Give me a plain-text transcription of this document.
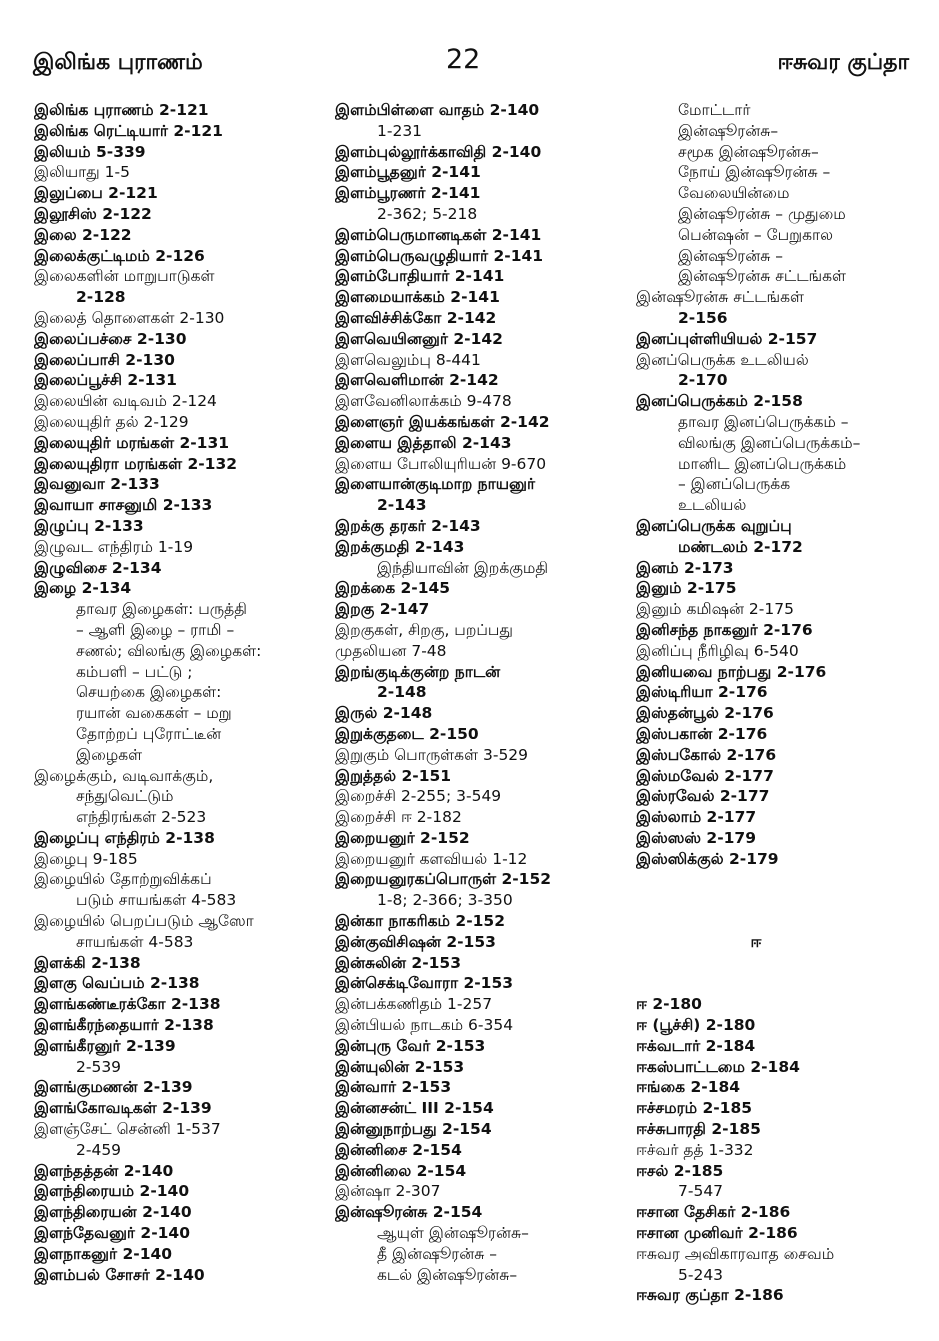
இலிங்க புராணம்	22	ஈசுவர குப்தா
இலிங்க புராணம் 2-121
இலிங்க ரெட்டியார் 2-121
இலியம் 5-339
இலியாது 1-5
இலுப்பை 2-121
இலூசிஸ் 2-122
இலை 2-122
இலைக்குட்டிமம் 2-126
இலைகளின் மாறுபாடுகள்
2-128
இலைத் தொளைகள் 2-130
இலைப்பச்சை 2-130
இலைப்பாசி 2-130
இலைப்பூச்சி 2-131
இலையின் வடிவம் 2-124
இலையுதிர் தல் 2-129
இலையுதிர் மரங்கள் 2-131
இலையுதிரா மரங்கள் 2-132
இவனுவா 2-133
இவாயா சாசனுமி 2-133
இழுப்பு 2-133
இழுவட எந்திரம் 1-19
இழுவிசை 2-134
இழை 2-134
தாவர இழைகள்: பருத்தி
– ஆளி இழை – ராமி –
சணல்; விலங்கு இழைகள்:
கம்பளி – பட்டு ;
செயற்கை இழைகள்:
ரயான் வகைகள் – மறு
தோற்றப் புரோட்டீன்
இழைகள்
இழைக்கும், வடிவாக்கும்,
சந்துவெட்டும்
எந்திரங்கள் 2-523
இழைப்பு எந்திரம் 2-138
இழைபு 9-185
இழையில் தோற்றுவிக்கப்
படும் சாயங்கள் 4-583
இழையில் பெறப்படும் ஆஸோ
சாயங்கள் 4-583
இளக்கி 2-138
இளகு வெப்பம் 2-138
இளங்கண்டீரக்கோ 2-138
இளங்கீரந்தையார் 2-138
இளங்கீரனுர் 2-139
2-539
இளங்குமணன் 2-139
இளங்கோவடிகள் 2-139
இளஞ்சேட் சென்னி 1-537
2-459
இளந்தத்தன் 2-140
இளந்திரையம் 2-140
இளந்திரையன் 2-140
இளந்தேவனுர் 2-140
இளநாகனுர் 2-140
இளம்பல் சோசர் 2-140
இளம்பிள்ளை வாதம் 2-140
1-231
இளம்புல்லூர்க்காவிதி 2-140
இளம்பூதனுர் 2-141
இளம்பூரணர் 2-141
2-362; 5-218
இளம்பெருமானடிகள் 2-141
இளம்பெருவழுதியார் 2-141
இளம்போதியார் 2-141
இளமையாக்கம் 2-141
இளவிச்சிக்கோ 2-142
இளவெயினனுர் 2-142
இளவெலும்பு 8-441
இளவெளிமான் 2-142
இளவேனிலாக்கம் 9-478
இளைஞர் இயக்கங்கள் 2-142
இளைய இத்தாலி 2-143
இளைய போலியுரியன் 9-670
இளையான்குடிமாற நாயனுர்
2-143
இறக்கு தரகர் 2-143
இறக்குமதி 2-143
இந்தியாவின் இறக்குமதி
இறக்கை 2-145
இறகு 2-147
இறகுகள், சிறகு, பறப்பது
முதலியன 7-48
இறங்குடிக்குன்ற நாடன்
2-148
இருல் 2-148
இறுக்குதடை 2-150
இறுகும் பொருள்கள் 3-529
இறுத்தல் 2-151
இறைச்சி 2-255; 3-549
இறைச்சி ஈ 2-182
இறையனுர் 2-152
இறையனுர் களவியல் 1-12
இறையனுரகப்பொருள் 2-152
1-8; 2-366; 3-350
இன்கா நாகரிகம் 2-152
இன்குவிசிஷன் 2-153
இன்சுலின் 2-153
இன்செக்டிவோரா 2-153
இன்பக்கணிதம் 1-257
இன்பியல் நாடகம் 6-354
இன்புரு வேர் 2-153
இன்யுலின் 2-153
இன்வார் 2-153
இன்னசன்ட் III 2-154
இன்னுநாற்பது 2-154
இன்னிசை 2-154
இன்னிலை 2-154
இன்ஷா 2-307
இன்ஷூரன்சு 2-154
ஆயுள் இன்ஷூரன்சு–
தீ இன்ஷூரன்சு –
கடல் இன்ஷூரன்சு–
மோட்டார்
இன்ஷூரன்சு–
சமூக இன்ஷூரன்சு–
நோய் இன்ஷூரன்சு –
வேலையின்மை
இன்ஷூரன்சு – முதுமை
பென்ஷன் – பேறுகால
இன்ஷூரன்சு –
இன்ஷூரன்சு சட்டங்கள்
இன்ஷூரன்சு சட்டங்கள்
2-156
இனப்புள்ளியியல் 2-157
இனப்பெருக்க உடலியல்
2-170
இனப்பெருக்கம் 2-158
தாவர இனப்பெருக்கம் –
விலங்கு இனப்பெருக்கம்–
மானிட இனப்பெருக்கம்
– இனப்பெருக்க
உடலியல்
இனப்பெருக்க வுறுப்பு
மண்டலம் 2-172
இனம் 2-173
இனும் 2-175
இனும் கமிஷன் 2-175
இனிசந்த நாகனுர் 2-176
இனிப்பு நீரிழிவு 6-540
இனியவை நாற்பது 2-176
இஸ்டிரியா 2-176
இஸ்தன்பூல் 2-176
இஸ்பகான் 2-176
இஸ்பகோல் 2-176
இஸ்மவேல் 2-177
இஸ்ரவேல் 2-177
இஸ்லாம் 2-177
இஸ்ஸஸ் 2-179
இஸ்ஸிக்குல் 2-179
ஈ
ஈ 2-180
ஈ (பூச்சி) 2-180
ஈக்வடார் 2-184
ஈகஸ்பாட்டமை 2-184
ஈங்கை 2-184
ஈச்சமரம் 2-185
ஈச்சுபாரதி 2-185
ஈச்வர் தத் 1-332
ஈசல் 2-185
7-547
ஈசான தேசிகர் 2-186
ஈசான முனிவர் 2-186
ஈசுவர அவிகாரவாத சைவம்
5-243
ஈசுவர குப்தா 2-186
